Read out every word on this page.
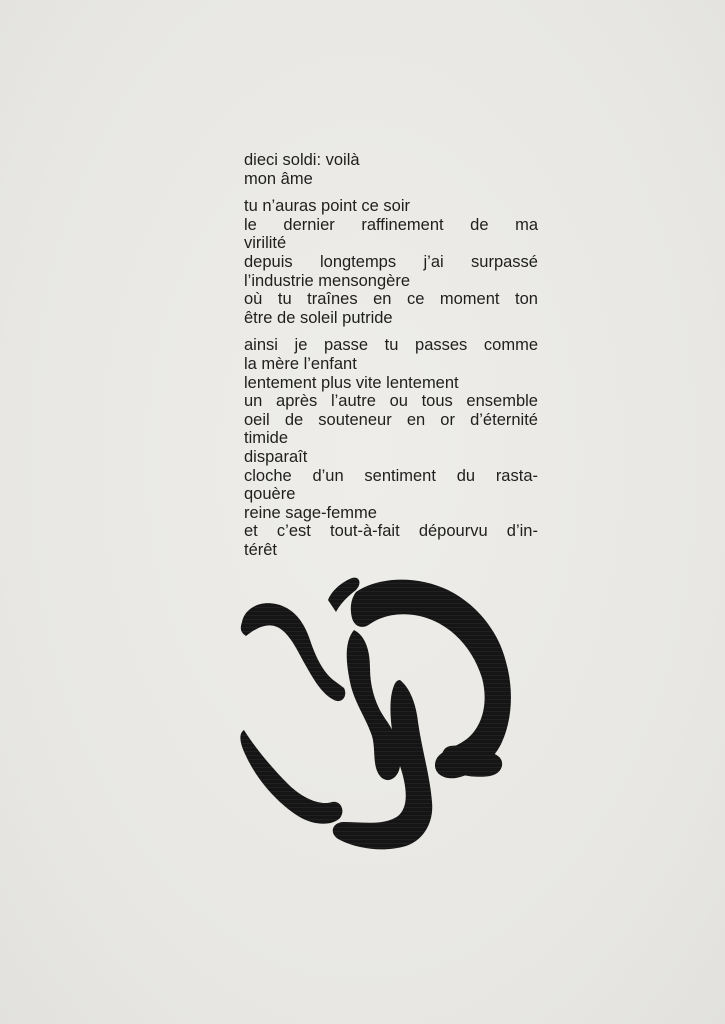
dieci soldi: voilà
mon âme
tu n’auras point ce soir
le dernier raffinement de ma
virilité
depuis longtemps j’ai surpassé
l’industrie mensongère
où tu traînes en ce moment ton
être de soleil putride
ainsi je passe tu passes comme
la mère l’enfant
lentement plus vite lentement
un après l’autre ou tous ensemble
oeil de souteneur en or d’éternité
timide
disparaît
cloche d’un sentiment du rasta-
qouère
reine sage-femme
et c’est tout-à-fait dépourvu d’in-
térêt
